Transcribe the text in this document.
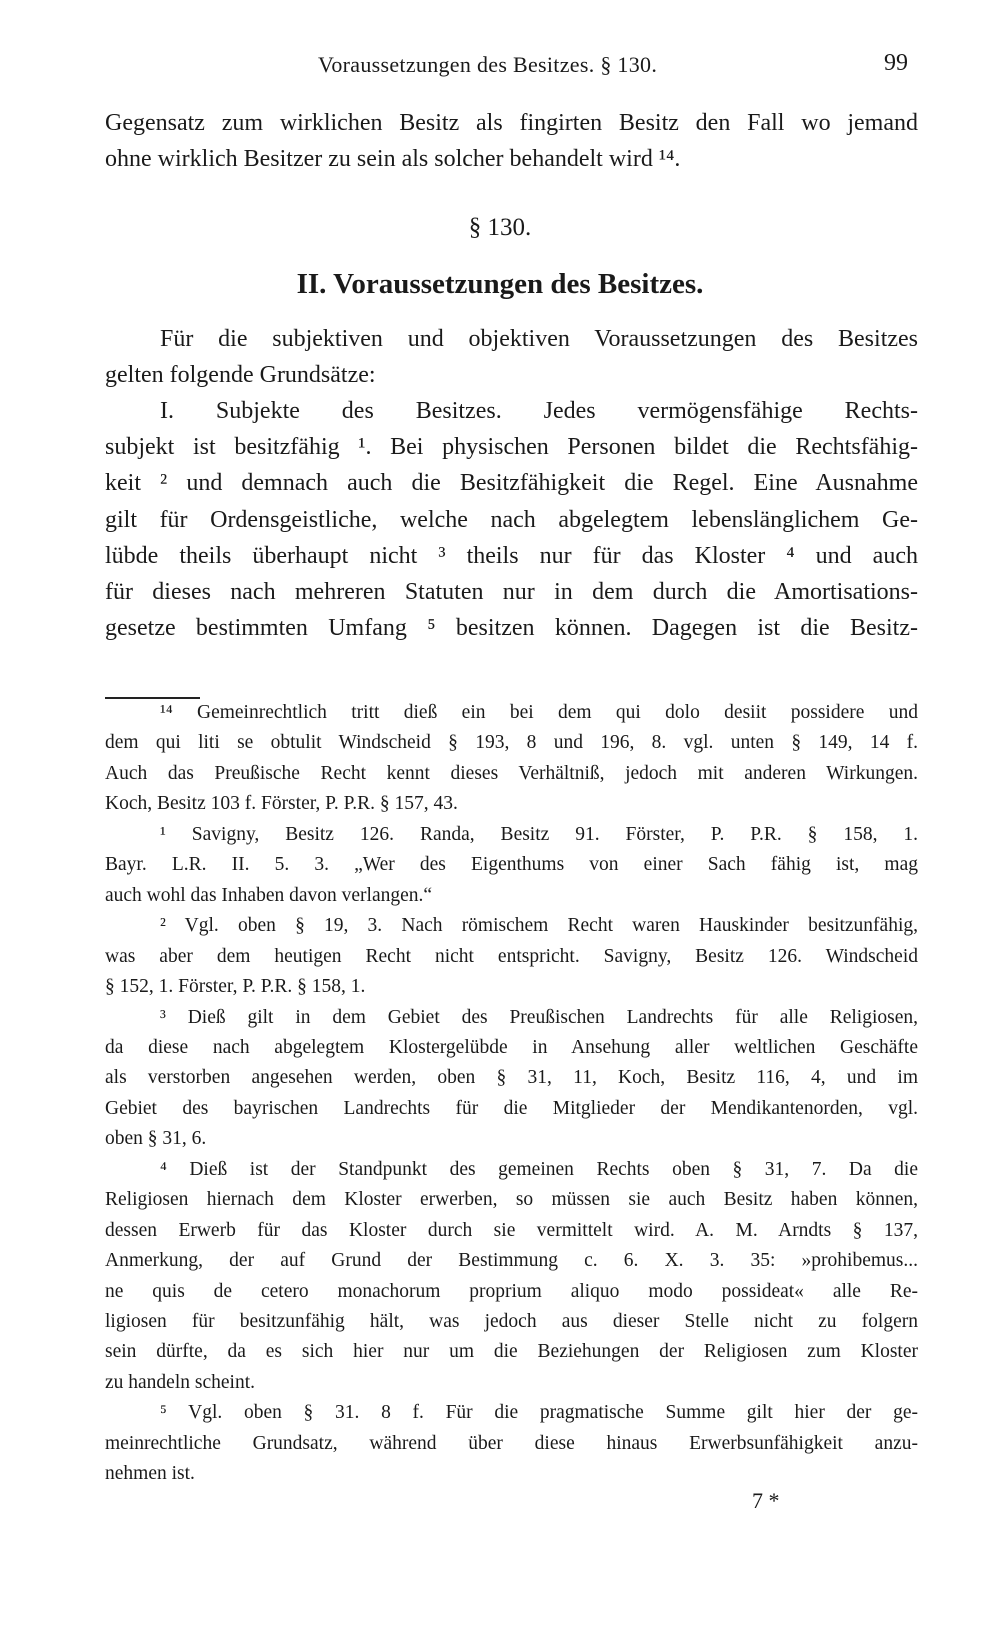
Voraussetzungen des Besitzes. § 130.	99
Gegensatz zum wirklichen Besitz als fingirten Besitz den Fall wo jemand
ohne wirklich Besitzer zu sein als solcher behandelt wird ¹⁴.
§ 130.
II. Voraussetzungen des Besitzes.
Für die subjektiven und objektiven Voraussetzungen des Besitzes
gelten folgende Grundsätze:
I. Subjekte des Besitzes. Jedes vermögensfähige Rechts-
subjekt ist besitzfähig ¹. Bei physischen Personen bildet die Rechtsfähig-
keit ² und demnach auch die Besitzfähigkeit die Regel. Eine Ausnahme
gilt für Ordensgeistliche, welche nach abgelegtem lebenslänglichem Ge-
lübde theils überhaupt nicht ³ theils nur für das Kloster ⁴ und auch
für dieses nach mehreren Statuten nur in dem durch die Amortisations-
gesetze bestimmten Umfang ⁵ besitzen können. Dagegen ist die Besitz-
¹⁴ Gemeinrechtlich tritt dieß ein bei dem qui dolo desiit possidere und
dem qui liti se obtulit Windscheid § 193, 8 und 196, 8. vgl. unten § 149, 14 f.
Auch das Preußische Recht kennt dieses Verhältniß, jedoch mit anderen Wirkungen.
Koch, Besitz 103 f. Förster, P. P.R. § 157, 43.
¹ Savigny, Besitz 126. Randa, Besitz 91. Förster, P. P.R. § 158, 1.
Bayr. L.R. II. 5. 3. „Wer des Eigenthums von einer Sach fähig ist, mag
auch wohl das Inhaben davon verlangen.“
² Vgl. oben § 19, 3. Nach römischem Recht waren Hauskinder besitzunfähig,
was aber dem heutigen Recht nicht entspricht. Savigny, Besitz 126. Windscheid
§ 152, 1. Förster, P. P.R. § 158, 1.
³ Dieß gilt in dem Gebiet des Preußischen Landrechts für alle Religiosen,
da diese nach abgelegtem Klostergelübde in Ansehung aller weltlichen Geschäfte
als verstorben angesehen werden, oben § 31, 11, Koch, Besitz 116, 4, und im
Gebiet des bayrischen Landrechts für die Mitglieder der Mendikantenorden, vgl.
oben § 31, 6.
⁴ Dieß ist der Standpunkt des gemeinen Rechts oben § 31, 7. Da die
Religiosen hiernach dem Kloster erwerben, so müssen sie auch Besitz haben können,
dessen Erwerb für das Kloster durch sie vermittelt wird. A. M. Arndts § 137,
Anmerkung, der auf Grund der Bestimmung c. 6. X. 3. 35: »prohibemus...
ne quis de cetero monachorum proprium aliquo modo possideat« alle Re-
ligiosen für besitzunfähig hält, was jedoch aus dieser Stelle nicht zu folgern
sein dürfte, da es sich hier nur um die Beziehungen der Religiosen zum Kloster
zu handeln scheint.
⁵ Vgl. oben § 31. 8 f. Für die pragmatische Summe gilt hier der ge-
meinrechtliche Grundsatz, während über diese hinaus Erwerbsunfähigkeit anzu-
nehmen ist.
7 *
